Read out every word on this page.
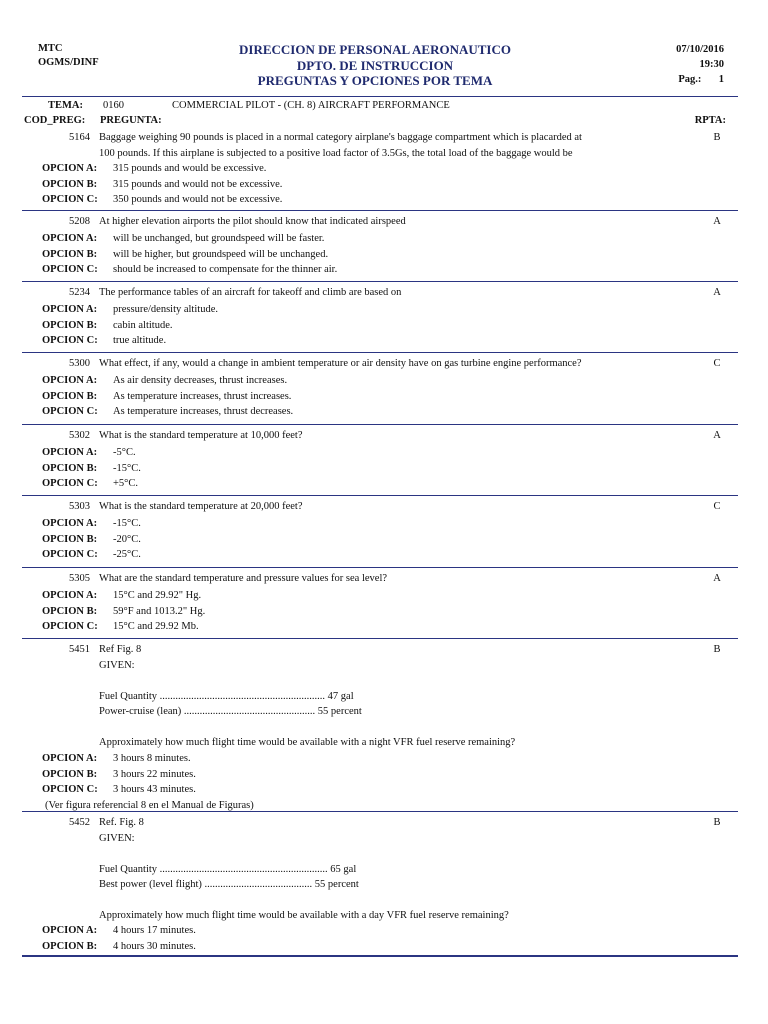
MTC
OGMS/DINF
DIRECCION DE PERSONAL AERONAUTICO
DPTO. DE INSTRUCCION
PREGUNTAS Y OPCIONES POR TEMA
07/10/2016
19:30
Pag.: 1
TEMA: 0160	COMMERCIAL PILOT - (CH. 8) AIRCRAFT PERFORMANCE
COD_PREG: PREGUNTA:	RPTA:
5164 Baggage weighing 90 pounds is placed in a normal category airplane's baggage compartment which is placarded at
100 pounds. If this airplane is subjected to a positive load factor of 3.5Gs, the total load of the baggage would be
B
OPCION A: 315 pounds and would be excessive.
OPCION B: 315 pounds and would not be excessive.
OPCION C: 350 pounds and would not be excessive.
5208 At higher elevation airports the pilot should know that indicated airspeed	A
OPCION A: will be unchanged, but groundspeed will be faster.
OPCION B: will be higher, but groundspeed will be unchanged.
OPCION C: should be increased to compensate for the thinner air.
5234 The performance tables of an aircraft for takeoff and climb are based on	A
OPCION A: pressure/density altitude.
OPCION B: cabin altitude.
OPCION C: true altitude.
5300 What effect, if any, would a change in ambient temperature or air density have on gas turbine engine performance?	C
OPCION A: As air density decreases, thrust increases.
OPCION B: As temperature increases, thrust increases.
OPCION C: As temperature increases, thrust decreases.
5302 What is the standard temperature at 10,000 feet?	A
OPCION A: -5°C.
OPCION B: -15°C.
OPCION C: +5°C.
5303 What is the standard temperature at 20,000 feet?	C
OPCION A: -15°C.
OPCION B: -20°C.
OPCION C: -25°C.
5305 What are the standard temperature and pressure values for sea level?	A
OPCION A: 15°C and 29.92" Hg.
OPCION B: 59°F and 1013.2" Hg.
OPCION C: 15°C and 29.92 Mb.
5451 Ref Fig. 8
GIVEN:
Fuel Quantity ............................................................... 47 gal
Power-cruise (lean) .................................................. 55 percent
Approximately how much flight time would be available with a night VFR fuel reserve remaining?
B
OPCION A: 3 hours 8 minutes.
OPCION B: 3 hours 22 minutes.
OPCION C: 3 hours 43 minutes.
(Ver figura referencial 8 en el Manual de Figuras)
5452 Ref. Fig. 8
GIVEN:
Fuel Quantity ................................................................ 65 gal
Best power (level flight) ......................................... 55 percent
Approximately how much flight time would be available with a day VFR fuel reserve remaining?
B
OPCION A: 4 hours 17 minutes.
OPCION B: 4 hours 30 minutes.
